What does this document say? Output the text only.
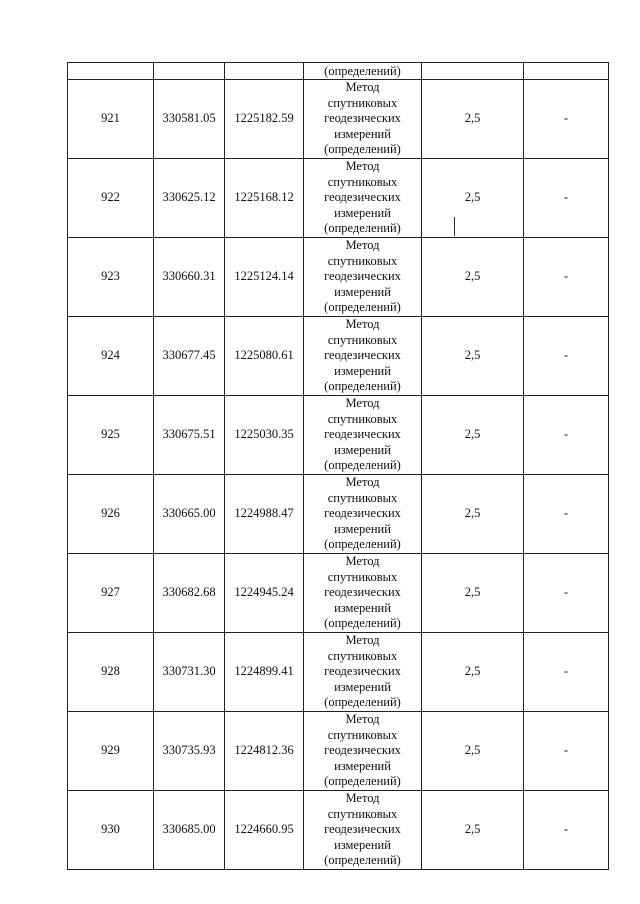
			(определений)		
921	330581.05	1225182.59	Метод
спутниковых
геодезических
измерений
(определений)	2,5	-
922	330625.12	1225168.12	Метод
спутниковых
геодезических
измерений
(определений)	2,5	-
923	330660.31	1225124.14	Метод
спутниковых
геодезических
измерений
(определений)	2,5	-
924	330677.45	1225080.61	Метод
спутниковых
геодезических
измерений
(определений)	2,5	-
925	330675.51	1225030.35	Метод
спутниковых
геодезических
измерений
(определений)	2,5	-
926	330665.00	1224988.47	Метод
спутниковых
геодезических
измерений
(определений)	2,5	-
927	330682.68	1224945.24	Метод
спутниковых
геодезических
измерений
(определений)	2,5	-
928	330731.30	1224899.41	Метод
спутниковых
геодезических
измерений
(определений)	2,5	-
929	330735.93	1224812.36	Метод
спутниковых
геодезических
измерений
(определений)	2,5	-
930	330685.00	1224660.95	Метод
спутниковых
геодезических
измерений
(определений)	2,5	-
